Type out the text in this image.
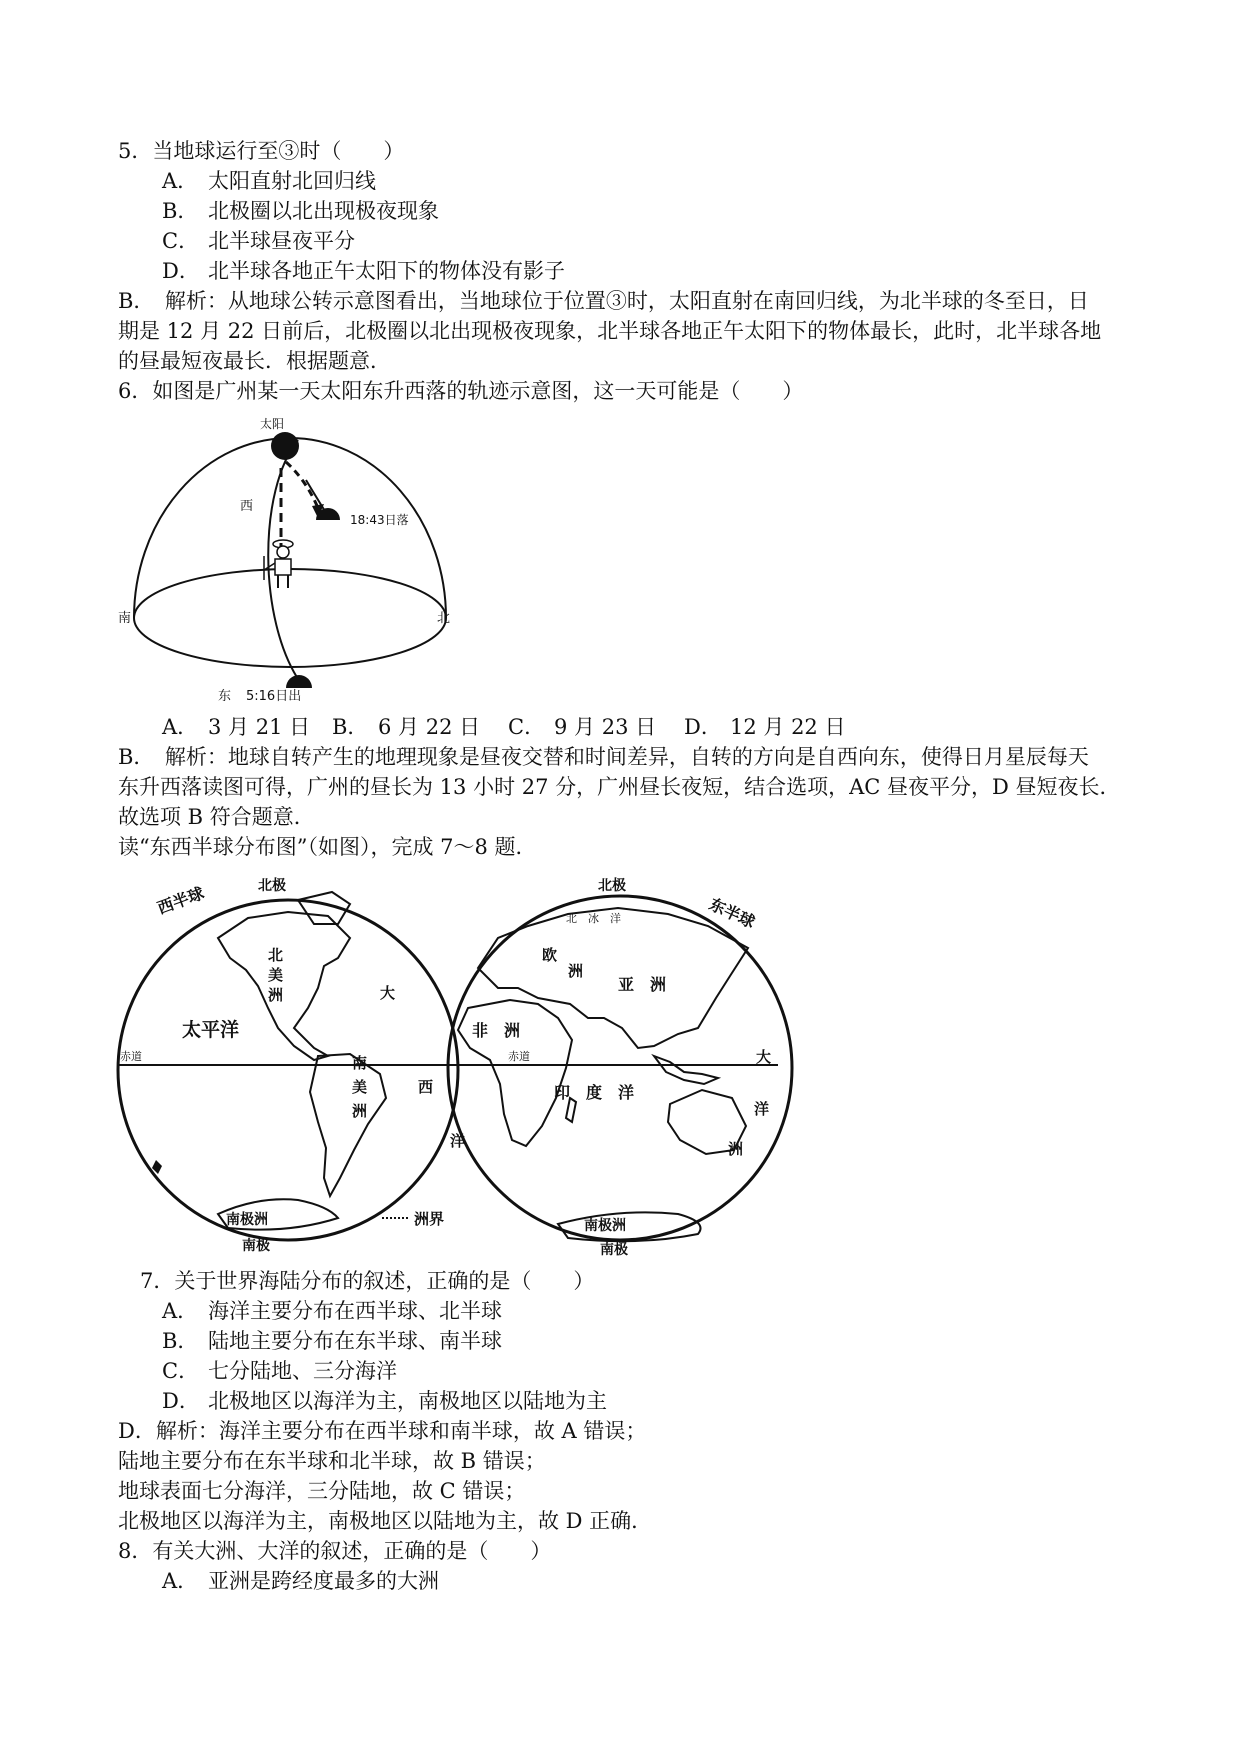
5．当地球运行至③时（　　）
A． 太阳直射北回归线
B． 北极圈以北出现极夜现象
C． 北半球昼夜平分
D． 北半球各地正午太阳下的物体没有影子
B．　解析：从地球公转示意图看出，当地球位于位置③时，太阳直射在南回归线，为北半球的冬至日，日
期是 12 月 22 日前后，北极圈以北出现极夜现象，北半球各地正午太阳下的物体最长，此时，北半球各地
的昼最短夜最长．根据题意．
6．如图是广州某一天太阳东升西落的轨迹示意图，这一天可能是（　　）
太阳
西
18:43日落
南	北
东 5:16日出
A． 3 月 21 日 B． 6 月 22 日 C． 9 月 23 日 D． 12 月 22 日
B．　解析：地球自转产生的地理现象是昼夜交替和时间差异，自转的方向是自西向东，使得日月星辰每天
东升西落读图可得，广州的昼长为 13 小时 27 分，广州昼长夜短，结合选项，AC 昼夜平分，D 昼短夜长．
故选项 B 符合题意．
读“东西半球分布图”（如图），完成 7～8 题．
西半球	北极
北
美
洲
太平洋
大
赤道	南
美
洲
南极洲
南极
洲界
北极
东半球
北　冰　洋
欧
洲
亚　洲
非　洲
赤道	大
西	印　度　洋
洋
洋	洲
南极洲
南极
7．关于世界海陆分布的叙述，正确的是（　　）
A． 海洋主要分布在西半球、北半球
B． 陆地主要分布在东半球、南半球
C． 七分陆地、三分海洋
D． 北极地区以海洋为主，南极地区以陆地为主
D．解析：海洋主要分布在西半球和南半球，故 A 错误；
陆地主要分布在东半球和北半球，故 B 错误；
地球表面七分海洋，三分陆地，故 C 错误；
北极地区以海洋为主，南极地区以陆地为主，故 D 正确．
8．有关大洲、大洋的叙述，正确的是（　　）
A． 亚洲是跨经度最多的大洲
